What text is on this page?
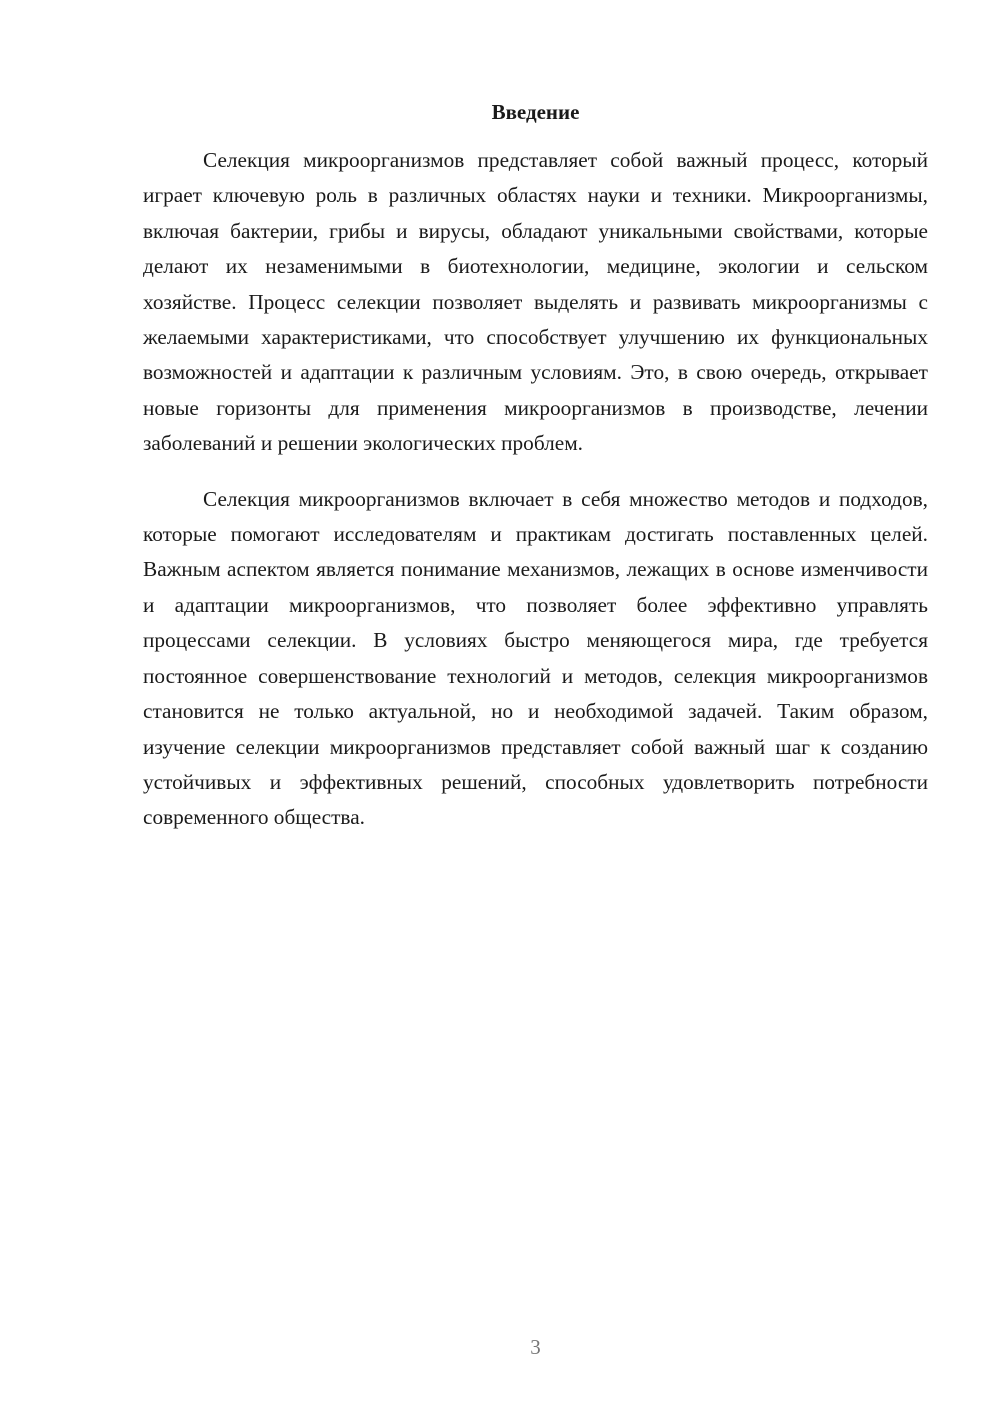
Введение

Селекция микроорганизмов представляет собой важный процесс, который играет ключевую роль в различных областях науки и техники. Микроорганизмы, включая бактерии, грибы и вирусы, обладают уникальными свойствами, которые делают их незаменимыми в биотехнологии, медицине, экологии и сельском хозяйстве. Процесс селекции позволяет выделять и развивать микроорганизмы с желаемыми характеристиками, что способствует улучшению их функциональных возможностей и адаптации к различным условиям. Это, в свою очередь, открывает новые горизонты для применения микроорганизмов в производстве, лечении заболеваний и решении экологических проблем.

Селекция микроорганизмов включает в себя множество методов и подходов, которые помогают исследователям и практикам достигать поставленных целей. Важным аспектом является понимание механизмов, лежащих в основе изменчивости и адаптации микроорганизмов, что позволяет более эффективно управлять процессами селекции. В условиях быстро меняющегося мира, где требуется постоянное совершенствование технологий и методов, селекция микроорганизмов становится не только актуальной, но и необходимой задачей. Таким образом, изучение селекции микроорганизмов представляет собой важный шаг к созданию устойчивых и эффективных решений, способных удовлетворить потребности современного общества.

3
